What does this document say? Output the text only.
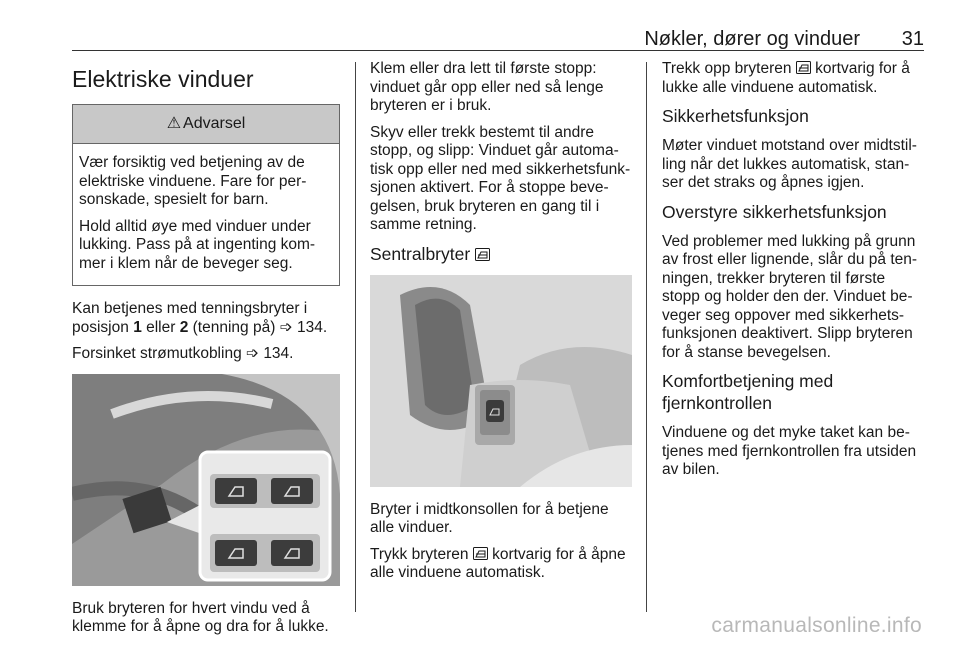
Nøkler, dører og vinduer 31
Elektriske vinduer
⚠ Advarsel

Vær forsiktig ved betjening av de elektriske vinduene. Fare for per-sonskade, spesielt for barn.

Hold alltid øye med vinduer under lukking. Pass på at ingenting kom-mer i klem når de beveger seg.

Kan betjenes med tenningsbryter i posisjon 1 eller 2 (tenning på) ➩ 134.

Forsinket strømutkobling ➩ 134.

Bruk bryteren for hvert vindu ved å klemme for å åpne og dra for å lukke.

Klem eller dra lett til første stopp: vinduet går opp eller ned så lenge bryteren er i bruk.

Skyv eller trekk bestemt til andre stopp, og slipp: Vinduet går automa-tisk opp eller ned med sikkerhetsfunk-sjonen aktivert. For å stoppe beve-gelsen, bruk bryteren en gang til i samme retning.

Sentralbryter

Bryter i midtkonsollen for å betjene alle vinduer.

Trykk bryteren  kortvarig for å åpne alle vinduene automatisk.

Trekk opp bryteren  kortvarig for å lukke alle vinduene automatisk.

Sikkerhetsfunksjon

Møter vinduet motstand over midtstil-ling når det lukkes automatisk, stan-ser det straks og åpnes igjen.

Overstyre sikkerhetsfunksjon

Ved problemer med lukking på grunn av frost eller lignende, slår du på ten-ningen, trekker bryteren til første stopp og holder den der. Vinduet be-veger seg oppover med sikkerhets-funksjonen deaktivert. Slipp bryteren for å stanse bevegelsen.

Komfortbetjening med fjernkontrollen

Vinduene og det myke taket kan be-tjenes med fjernkontrollen fra utsiden av bilen.

carmanualsonline.info
